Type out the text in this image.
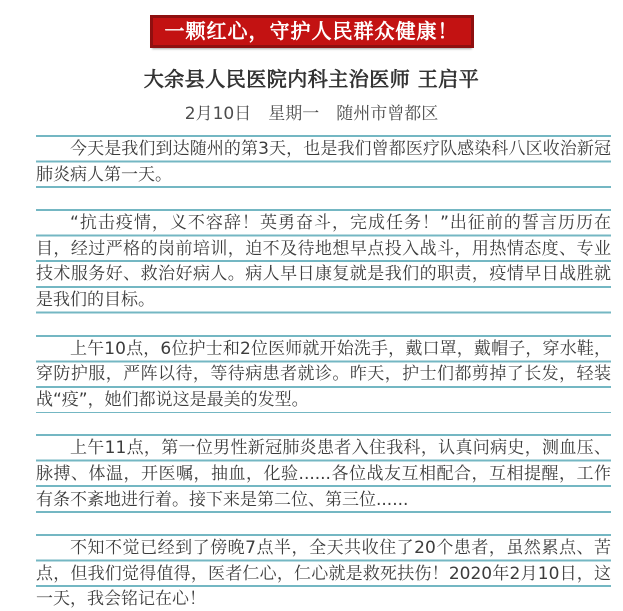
一颗红心，守护人民群众健康！
大余县人民医院内科主治医师 王启平
2月10日　星期一　随州市曾都区

今天是我们到达随州的第3天，也是我们曾都医疗队感染科八区收治新冠肺炎病人第一天。

“抗击疫情，义不容辞！英勇奋斗，完成任务！”出征前的誓言历历在目，经过严格的岗前培训，迫不及待地想早点投入战斗，用热情态度、专业技术服务好、救治好病人。病人早日康复就是我们的职责，疫情早日战胜就是我们的目标。

上午10点，6位护士和2位医师就开始洗手，戴口罩，戴帽子，穿水鞋，穿防护服，严阵以待，等待病患者就诊。昨天，护士们都剪掉了长发，轻装战“疫”，她们都说这是最美的发型。

上午11点，第一位男性新冠肺炎患者入住我科，认真问病史，测血压、脉搏、体温，开医嘱，抽血，化验......各位战友互相配合，互相提醒，工作有条不紊地进行着。接下来是第二位、第三位......

不知不觉已经到了傍晚7点半，全天共收住了20个患者，虽然累点、苦点，但我们觉得值得，医者仁心，仁心就是救死扶伤！2020年2月10日，这一天，我会铭记在心！
